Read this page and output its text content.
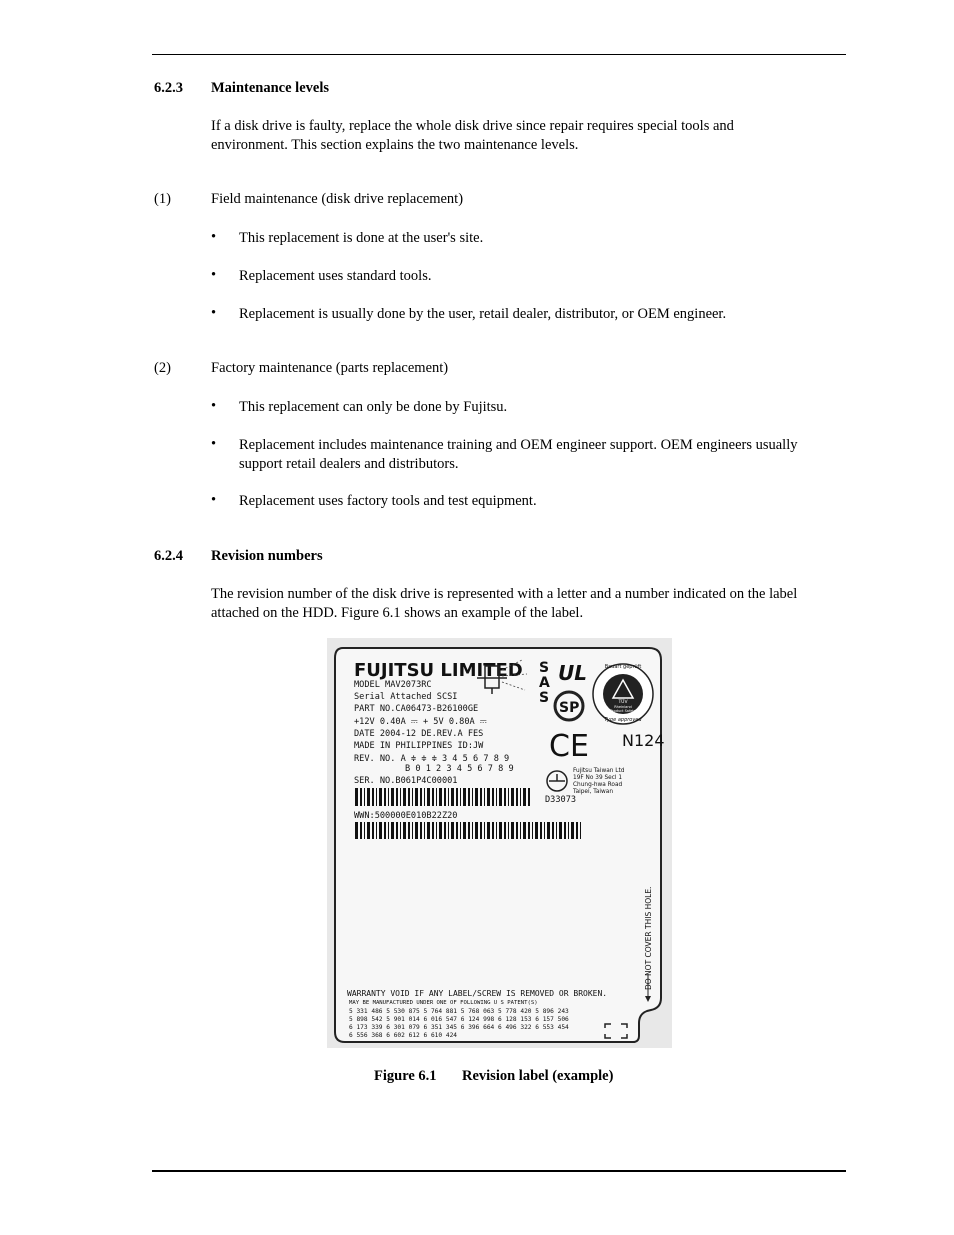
6.2.3 Maintenance levels
If a disk drive is faulty, replace the whole disk drive since repair requires special tools and
environment. This section explains the two maintenance levels.
(1)	Field maintenance (disk drive replacement)
• This replacement is done at the user's site.
• Replacement uses standard tools.
• Replacement is usually done by the user, retail dealer, distributor, or OEM engineer.
(2)	Factory maintenance (parts replacement)
• This replacement can only be done by Fujitsu.
• Replacement includes maintenance training and OEM engineer support. OEM engineers usually
support retail dealers and distributors.
• Replacement uses factory tools and test equipment.
6.2.4 Revision numbers
The revision number of the disk drive is represented with a letter and a number indicated on the label
attached on the HDD. Figure 6.1 shows an example of the label.
FUJITSU LIMITED
MODEL MAV2073RC
Serial Attached SCSI
PART NO.CA06473-B26100GE
+12V 0.40A ⎓ + 5V 0.80A ⎓
DATE 2004-12 DE.REV.A FES
MADE IN PHILIPPINES ID:JW
REV. NO. A ≑ ≑ ≑ 3 4 5 6 7 8 9
B 0 1 2 3 4 5 6 7 8 9
SER. NO.B061P4C00001
WWN:500000E010B22Z20
S
A
S
UL
SP
Bauart geprüft
TÜV
Rheinland
Product Safety
Type approved
CE N124
Fujitsu Taiwan Ltd
19F No 39 Secl 1
Chung-hwa Road
Taipei, Taiwan
D33073
DO NOT COVER THIS HOLE.
WARRANTY VOID IF ANY LABEL/SCREW IS REMOVED OR BROKEN.
MAY BE MANUFACTURED UNDER ONE OF FOLLOWING U S PATENT(S)
5 331 486 5 530 875 5 764 881 5 768 063 5 778 420 5 896 243
5 898 542 5 901 014 6 016 547 6 124 998 6 128 153 6 157 506
6 173 339 6 301 079 6 351 345 6 396 664 6 496 322 6 553 454
6 556 368 6 602 612 6 610 424
Figure 6.1 Revision label (example)
